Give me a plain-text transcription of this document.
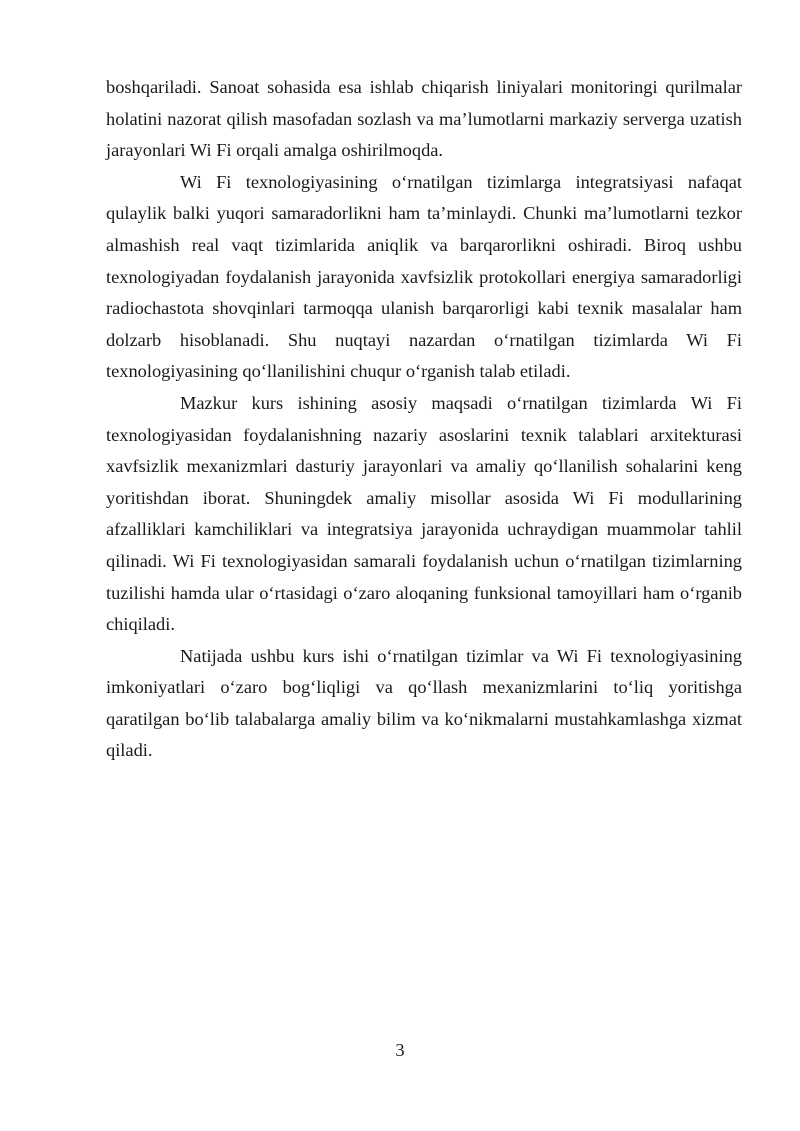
boshqariladi. Sanoat sohasida esa ishlab chiqarish liniyalari monitoringi qurilmalar holatini nazorat qilish masofadan sozlash va ma’lumotlarni markaziy serverga uzatish jarayonlari Wi Fi orqali amalga oshirilmoqda.

Wi Fi texnologiyasining oʻrnatilgan tizimlarga integratsiyasi nafaqat qulaylik balki yuqori samaradorlikni ham ta’minlaydi. Chunki ma’lumotlarni tezkor almashish real vaqt tizimlarida aniqlik va barqarorlikni oshiradi. Biroq ushbu texnologiyadan foydalanish jarayonida xavfsizlik protokollari energiya samaradorligi radiochastota shovqinlari tarmoqqa ulanish barqarorligi kabi texnik masalalar ham dolzarb hisoblanadi. Shu nuqtayi nazardan oʻrnatilgan tizimlarda Wi Fi texnologiyasining qoʻllanilishini chuqur oʻrganish talab etiladi.

Mazkur kurs ishining asosiy maqsadi oʻrnatilgan tizimlarda Wi Fi texnologiyasidan foydalanishning nazariy asoslarini texnik talablari arxitekturasi xavfsizlik mexanizmlari dasturiy jarayonlari va amaliy qoʻllanilish sohalarini keng yoritishdan iborat. Shuningdek amaliy misollar asosida Wi Fi modullarining afzalliklari kamchiliklari va integratsiya jarayonida uchraydigan muammolar tahlil qilinadi. Wi Fi texnologiyasidan samarali foydalanish uchun oʻrnatilgan tizimlarning tuzilishi hamda ular oʻrtasidagi oʻzaro aloqaning funksional tamoyillari ham oʻrganib chiqiladi.

Natijada ushbu kurs ishi oʻrnatilgan tizimlar va Wi Fi texnologiyasining imkoniyatlari oʻzaro bogʻliqligi va qoʻllash mexanizmlarini toʻliq yoritishga qaratilgan boʻlib talabalarga amaliy bilim va koʻnikmalarni mustahkamlashga xizmat qiladi.

3
